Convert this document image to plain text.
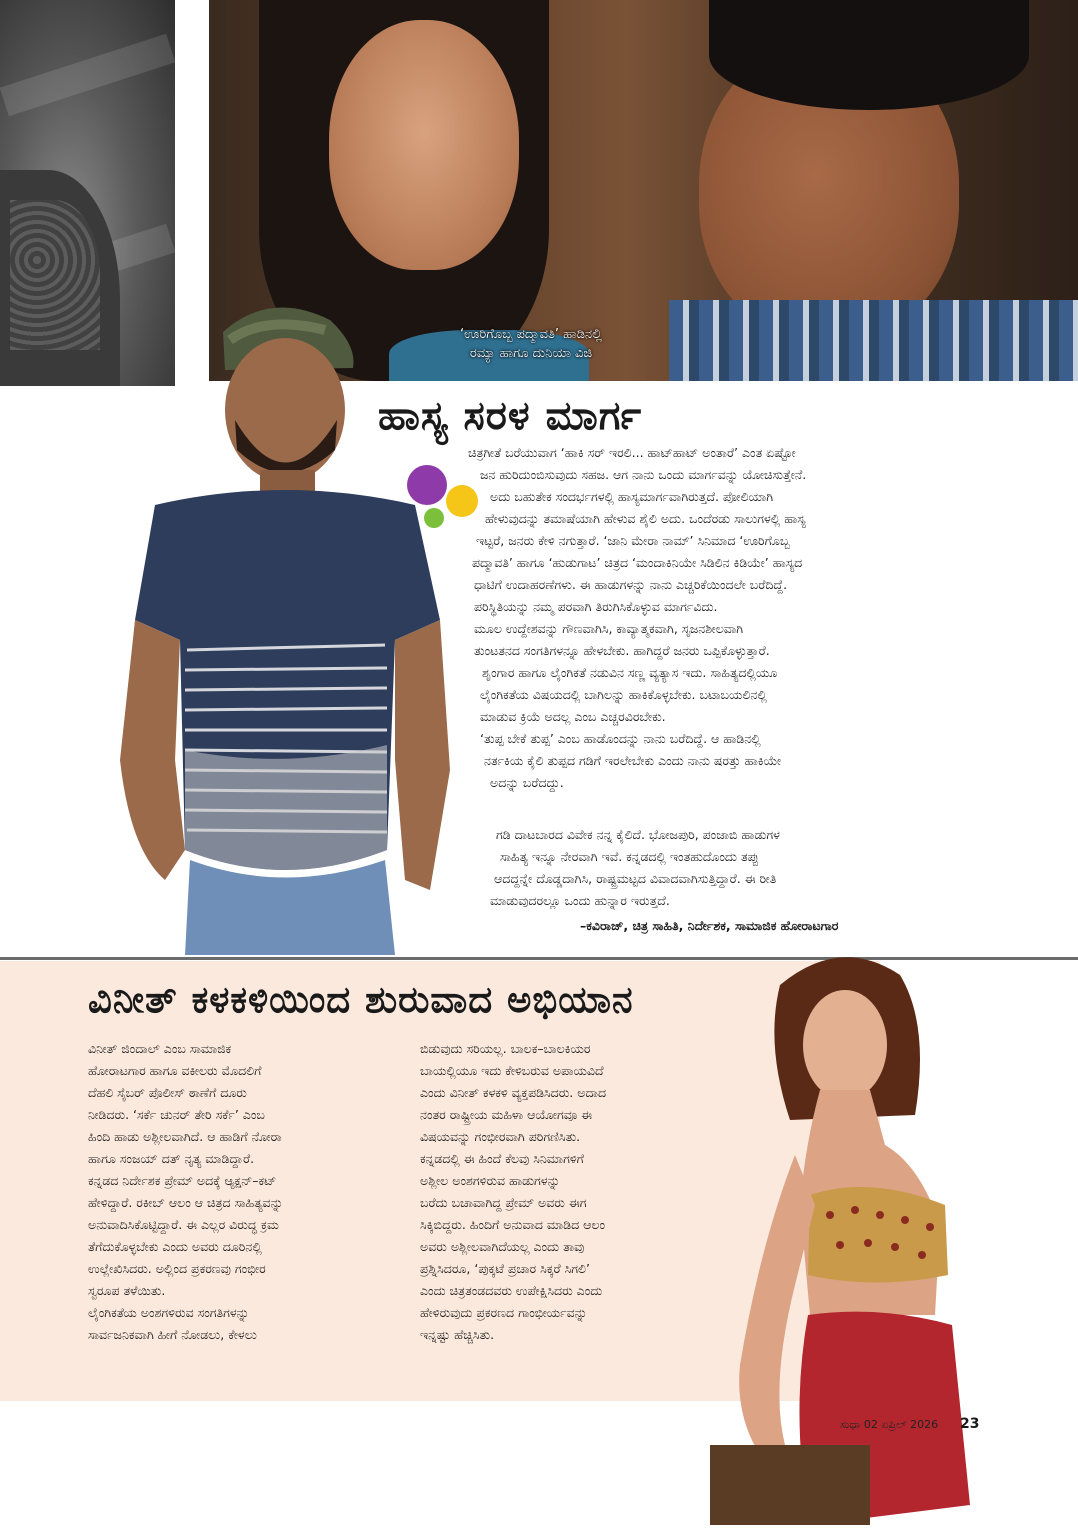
‘ಊರಿಗೊಬ್ಬ ಪದ್ಮಾವತಿ’ ಹಾಡಿನಲ್ಲಿ
ರಮ್ಯಾ ಹಾಗೂ ದುನಿಯಾ ವಿಜಿ
ಹಾಸ್ಯ ಸರಳ ಮಾರ್ಗ
ಚಿತ್ರಗೀತೆ ಬರೆಯುವಾಗ ‘ಹಾಕಿ ಸರ್ ಇರಲಿ... ಹಾಟ್‌ಹಾಟ್ ಅಂತಾರೆ’ ಎಂತ ಏಷ್ಟೋ
ಜನ ಹುರಿದುಂಬಿಸುವುದು ಸಹಜ. ಆಗ ನಾನು ಒಂದು ಮಾರ್ಗವನ್ನು ಯೋಚಿಸುತ್ತೇನೆ.
ಅದು ಬಹುತೇಕ ಸಂದರ್ಭಗಳಲ್ಲಿ ಹಾಸ್ಯಮಾರ್ಗವಾಗಿರುತ್ತದೆ. ಪೋಲಿಯಾಗಿ
ಹೇಳುವುದನ್ನು ತಮಾಷೆಯಾಗಿ ಹೇಳುವ ಶೈಲಿ ಅದು. ಒಂದೆರಡು ಸಾಲುಗಳಲ್ಲಿ ಹಾಸ್ಯ
ಇಟ್ಟರೆ, ಜನರು ಕೇಳಿ ನಗುತ್ತಾರೆ. ‘ಜಾನಿ ಮೇರಾ ನಾಮ್’ ಸಿನಿಮಾದ ‘ಊರಿಗೊಬ್ಬ
ಪದ್ಮಾವತಿ’ ಹಾಗೂ ‘ಹುಡುಗಾಟ’ ಚಿತ್ರದ ‘ಮಂದಾಕಿನಿಯೇ ಸಿಡಿಲಿನ ಕಿಡಿಯೇ’ ಹಾಸ್ಯದ
ಧಾಟಿಗೆ ಉದಾಹರಣೆಗಳು. ಈ ಹಾಡುಗಳನ್ನು ನಾನು ಎಚ್ಚರಿಕೆಯಿಂದಲೇ ಬರೆದಿದ್ದೆ.
ಪರಿಸ್ಥಿತಿಯನ್ನು ನಮ್ಮ ಪರವಾಗಿ ತಿರುಗಿಸಿಕೊಳ್ಳುವ ಮಾರ್ಗವಿದು.
ಮೂಲ ಉದ್ದೇಶವನ್ನು ಗೌಣವಾಗಿಸಿ, ಕಾವ್ಯಾತ್ಮಕವಾಗಿ, ಸೃಜನಶೀಲವಾಗಿ
ತುಂಟತನದ ಸಂಗತಿಗಳನ್ನೂ ಹೇಳಬೇಕು. ಹಾಗಿದ್ದರೆ ಜನರು ಒಪ್ಪಿಕೊಳ್ಳುತ್ತಾರೆ.
ಶೃಂಗಾರ ಹಾಗೂ ಲೈಂಗಿಕತೆ ನಡುವಿನ ಸಣ್ಣ ವ್ಯತ್ಯಾಸ ಇದು. ಸಾಹಿತ್ಯದಲ್ಲಿಯೂ
ಲೈಂಗಿಕತೆಯ ವಿಷಯದಲ್ಲಿ ಬಾಗಿಲನ್ನು ಹಾಕಿಕೊಳ್ಳಬೇಕು. ಬಟಾಬಯಲಿನಲ್ಲಿ
ಮಾಡುವ ಕ್ರಿಯೆ ಅದಲ್ಲ ಎಂಬ ಎಚ್ಚರವಿರಬೇಕು.
‘ತುಪ್ಪ ಬೇಕೆ ತುಪ್ಪ’ ಎಂಬ ಹಾಡೊಂದನ್ನು ನಾನು ಬರೆದಿದ್ದೆ. ಆ ಹಾಡಿನಲ್ಲಿ
ನರ್ತಕಿಯ ಕೈಲಿ ತುಪ್ಪದ ಗಡಿಗೆ ಇರಲೇಬೇಕು ಎಂದು ನಾನು ಷರತ್ತು ಹಾಕಿಯೇ
ಅದನ್ನು ಬರೆದದ್ದು.
ಗಡಿ ದಾಟಬಾರದ ವಿವೇಕ ನನ್ನ ಕೈಲಿದೆ. ಭೋಜಪುರಿ, ಪಂಜಾಬಿ ಹಾಡುಗಳ
ಸಾಹಿತ್ಯ ಇನ್ನೂ ನೇರವಾಗಿ ಇವೆ. ಕನ್ನಡದಲ್ಲಿ ಇಂತಹುದೊಂದು ತಪ್ಪು
ಆದದ್ದನ್ನೇ ದೊಡ್ಡದಾಗಿಸಿ, ರಾಷ್ಟ್ರಮಟ್ಟದ ವಿವಾದವಾಗಿಸುತ್ತಿದ್ದಾರೆ. ಈ ರೀತಿ
ಮಾಡುವುದರಲ್ಲೂ ಒಂದು ಹುನ್ನಾರ ಇರುತ್ತದೆ.
–ಕವಿರಾಜ್, ಚಿತ್ರ ಸಾಹಿತಿ, ನಿರ್ದೇಶಕ, ಸಾಮಾಜಿಕ ಹೋರಾಟಗಾರ
ವಿನೀತ್ ಕಳಕಳಿಯಿಂದ ಶುರುವಾದ ಅಭಿಯಾನ
ವಿನೀತ್ ಜಿಂದಾಲ್ ಎಂಬ ಸಾಮಾಜಿಕ
ಹೋರಾಟಗಾರ ಹಾಗೂ ವಕೀಲರು ಮೊದಲಿಗೆ
ದೆಹಲಿ ಸೈಬರ್ ಪೊಲೀಸ್ ಠಾಣೆಗೆ ದೂರು
ನೀಡಿದರು. ‘ಸರ್ಕೆ ಚುನರ್ ತೇರಿ ಸರ್ಕೆ’ ಎಂಬ
ಹಿಂದಿ ಹಾಡು ಅಶ್ಲೀಲವಾಗಿದೆ. ಆ ಹಾಡಿಗೆ ನೋರಾ
ಹಾಗೂ ಸಂಜಯ್ ದತ್ ನೃತ್ಯ ಮಾಡಿದ್ದಾರೆ.
ಕನ್ನಡದ ನಿರ್ದೇಶಕ ಪ್ರೇಮ್ ಅದಕ್ಕೆ ಆ್ಯಕ್ಷನ್–ಕಟ್
ಹೇಳಿದ್ದಾರೆ. ರಕೀಬ್ ಆಲಂ ಆ ಚಿತ್ರದ ಸಾಹಿತ್ಯವನ್ನು
ಅನುವಾದಿಸಿಕೊಟ್ಟಿದ್ದಾರೆ. ಈ ಎಲ್ಲರ ವಿರುದ್ಧ ಕ್ರಮ
ತೆಗೆದುಕೊಳ್ಳಬೇಕು ಎಂದು ಅವರು ದೂರಿನಲ್ಲಿ
ಉಲ್ಲೇಖಿಸಿದರು. ಅಲ್ಲಿಂದ ಪ್ರಕರಣವು ಗಂಭೀರ
ಸ್ವರೂಪ ತಳೆಯಿತು.
ಲೈಂಗಿಕತೆಯ ಅಂಶಗಳಿರುವ ಸಂಗತಿಗಳನ್ನು
ಸಾರ್ವಜನಿಕವಾಗಿ ಹೀಗೆ ನೋಡಲು, ಕೇಳಲು
ಬಿಡುವುದು ಸರಿಯಲ್ಲ. ಬಾಲಕ–ಬಾಲಕಿಯರ
ಬಾಯಲ್ಲಿಯೂ ಇದು ಕೇಳಿಬರುವ ಅಪಾಯವಿದೆ
ಎಂದು ವಿನೀತ್ ಕಳಕಳಿ ವ್ಯಕ್ತಪಡಿಸಿದರು. ಅದಾದ
ನಂತರ ರಾಷ್ಟ್ರೀಯ ಮಹಿಳಾ ಆಯೋಗವೂ ಈ
ವಿಷಯವನ್ನು ಗಂಭೀರವಾಗಿ ಪರಿಗಣಿಸಿತು.
ಕನ್ನಡದಲ್ಲಿ ಈ ಹಿಂದೆ ಕೆಲವು ಸಿನಿಮಾಗಳಿಗೆ
ಅಶ್ಲೀಲ ಅಂಶಗಳಿರುವ ಹಾಡುಗಳನ್ನು
ಬರೆದು ಬಚಾವಾಗಿದ್ದ ಪ್ರೇಮ್ ಅವರು ಈಗ
ಸಿಕ್ಕಿಬಿದ್ದರು. ಹಿಂದಿಗೆ ಅನುವಾದ ಮಾಡಿದ ಆಲಂ
ಅವರು ಅಶ್ಲೀಲವಾಗಿದೆಯಲ್ಲ ಎಂದು ತಾವು
ಪ್ರಶ್ನಿಸಿದರೂ, ‘ಪುಕ್ಕಟೆ ಪ್ರಚಾರ ಸಿಕ್ಕರೆ ಸಿಗಲಿ’
ಎಂದು ಚಿತ್ರತಂಡದವರು ಉಪೇಕ್ಷಿಸಿದರು ಎಂದು
ಹೇಳಿರುವುದು ಪ್ರಕರಣದ ಗಾಂಭೀರ್ಯವನ್ನು
ಇನ್ನಷ್ಟು ಹೆಚ್ಚಿಸಿತು.
ಸುಧಾ 02 ಏಪ್ರಿಲ್ 2026 23
